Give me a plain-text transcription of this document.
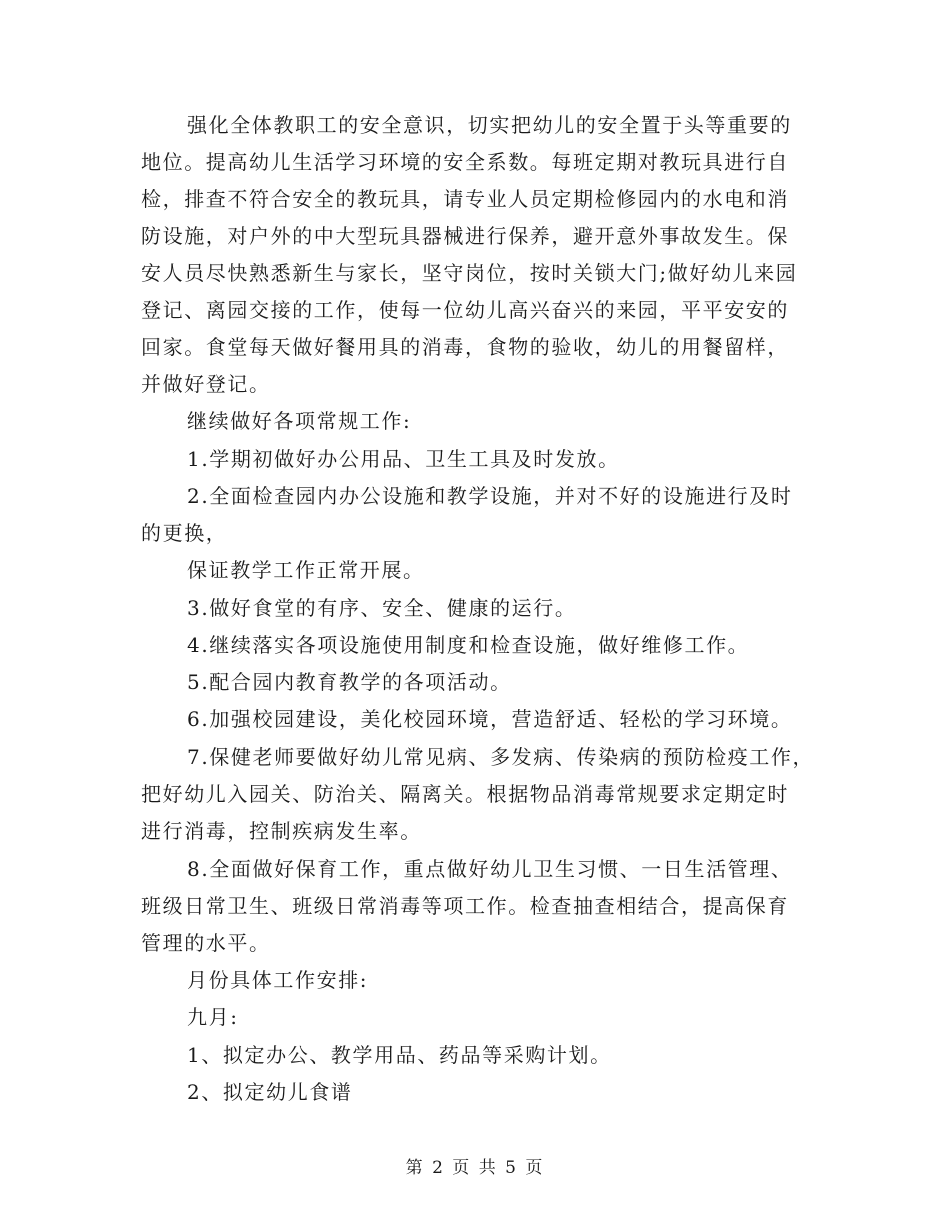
强化全体教职工的安全意识，切实把幼儿的安全置于头等重要的
地位。提高幼儿生活学习环境的安全系数。每班定期对教玩具进行自
检，排查不符合安全的教玩具，请专业人员定期检修园内的水电和消
防设施，对户外的中大型玩具器械进行保养，避开意外事故发生。保
安人员尽快熟悉新生与家长，坚守岗位，按时关锁大门;做好幼儿来园
登记、离园交接的工作，使每一位幼儿高兴奋兴的来园，平平安安的
回家。食堂每天做好餐用具的消毒，食物的验收，幼儿的用餐留样，
并做好登记。
继续做好各项常规工作:
1.学期初做好办公用品、卫生工具及时发放。
2.全面检查园内办公设施和教学设施，并对不好的设施进行及时
的更换，
保证教学工作正常开展。
3.做好食堂的有序、安全、健康的运行。
4.继续落实各项设施使用制度和检查设施，做好维修工作。
5.配合园内教育教学的各项活动。
6.加强校园建设，美化校园环境，营造舒适、轻松的学习环境。
7.保健老师要做好幼儿常见病、多发病、传染病的预防检疫工作，
把好幼儿入园关、防治关、隔离关。根据物品消毒常规要求定期定时
进行消毒，控制疾病发生率。
8.全面做好保育工作，重点做好幼儿卫生习惯、一日生活管理、
班级日常卫生、班级日常消毒等项工作。检查抽查相结合，提高保育
管理的水平。
月份具体工作安排:
九月:
1、拟定办公、教学用品、药品等采购计划。
2、拟定幼儿食谱
第 2 页 共 5 页
